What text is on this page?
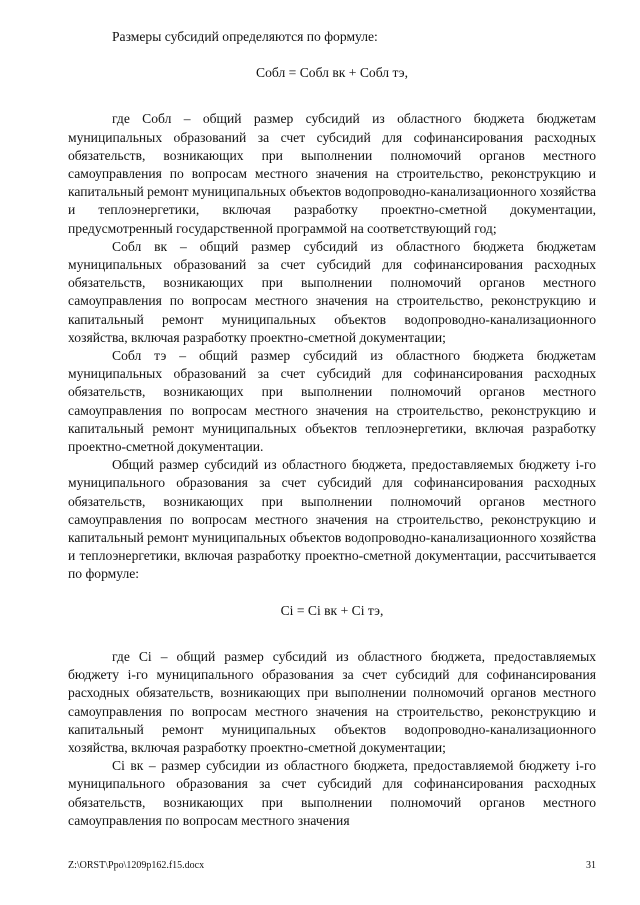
Размеры субсидий определяются по формуле:

Cобл = Cобл вк + Cобл тэ,

где Cобл – общий размер субсидий из областного бюджета бюджетам муниципальных образований за счет субсидий для софинансирования расходных обязательств, возникающих при выполнении полномочий органов местного самоуправления по вопросам местного значения на строительство, реконструкцию и капитальный ремонт муниципальных объектов водопроводно-канализационного хозяйства и теплоэнергетики, включая разработку проектно-сметной документации, предусмотренный государственной программой на соответствующий год;

Cобл вк – общий размер субсидий из областного бюджета бюджетам муниципальных образований за счет субсидий для софинансирования расходных обязательств, возникающих при выполнении полномочий органов местного самоуправления по вопросам местного значения на строительство, реконструкцию и капитальный ремонт муниципальных объектов водопроводно-канализационного хозяйства, включая разработку проектно-сметной документации;

Cобл тэ – общий размер субсидий из областного бюджета бюджетам муниципальных образований за счет субсидий для софинансирования расходных обязательств, возникающих при выполнении полномочий органов местного самоуправления по вопросам местного значения на строительство, реконструкцию и капитальный ремонт муниципальных объектов теплоэнергетики, включая разработку проектно-сметной документации.

Общий размер субсидий из областного бюджета, предоставляемых бюджету i-го муниципального образования за счет субсидий для софинансирования расходных обязательств, возникающих при выполнении полномочий органов местного самоуправления по вопросам местного значения на строительство, реконструкцию и капитальный ремонт муниципальных объектов водопроводно-канализационного хозяйства и теплоэнергетики, включая разработку проектно-сметной документации, рассчитывается по формуле:

Ci = Ci вк + Ci тэ,

где Ci – общий размер субсидий из областного бюджета, предоставляемых бюджету i-го муниципального образования за счет субсидий для софинансирования расходных обязательств, возникающих при выполнении полномочий органов местного самоуправления по вопросам местного значения на строительство, реконструкцию и капитальный ремонт муниципальных объектов водопроводно-канализационного хозяйства, включая разработку проектно-сметной документации;

Ci вк – размер субсидии из областного бюджета, предоставляемой бюджету i-го муниципального образования за счет субсидий для софинансирования расходных обязательств, возникающих при выполнении полномочий органов местного самоуправления по вопросам местного значения

Z:\ORST\Ppo\1209p162.f15.docx	31
